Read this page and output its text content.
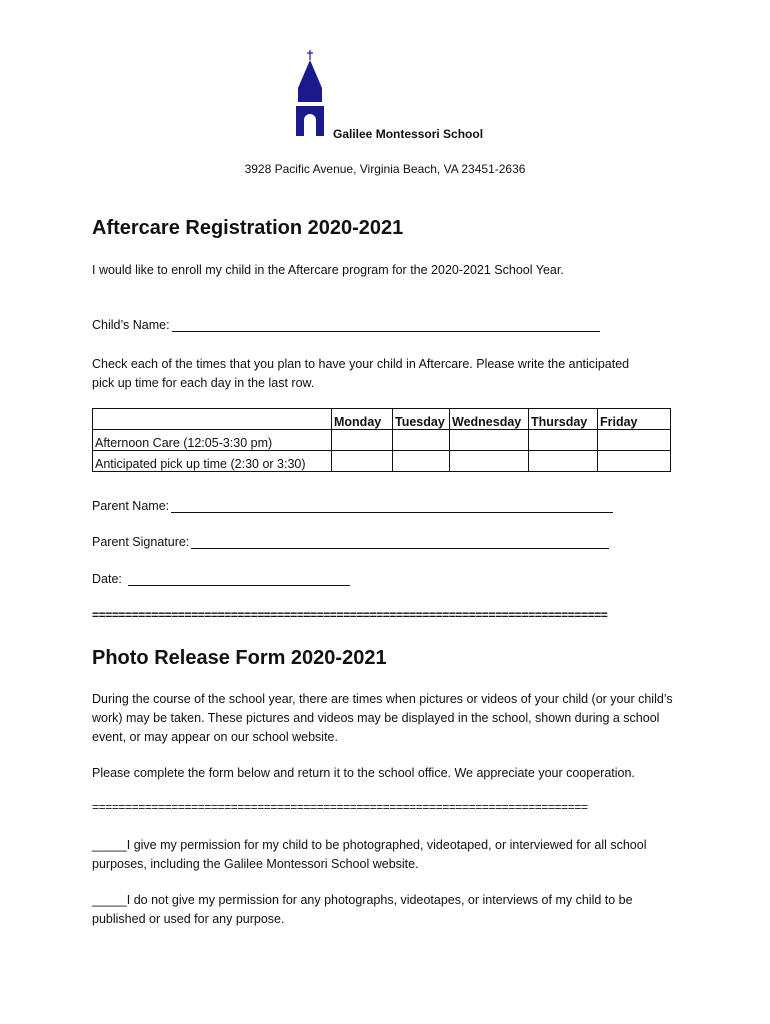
Galilee Montessori School
3928 Pacific Avenue, Virginia Beach, VA 23451-2636
Aftercare Registration 2020-2021
I would like to enroll my child in the Aftercare program for the 2020-2021 School Year.
Child’s Name:
Check each of the times that you plan to have your child in Aftercare. Please write the anticipated pick up time for each day in the last row.
	Monday	Tuesday	Wednesday	Thursday	Friday
Afternoon Care (12:05-3:30 pm)					
Anticipated pick up time (2:30 or 3:30)					
Parent Name:
Parent Signature:
Date:
==============================================================================
Photo Release Form 2020-2021
During the course of the school year, there are times when pictures or videos of your child (or your child’s work) may be taken. These pictures and videos may be displayed in the school, shown during a school event, or may appear on our school website.
Please complete the form below and return it to the school office. We appreciate your cooperation.
===========================================================================
_____I give my permission for my child to be photographed, videotaped, or interviewed for all school purposes, including the Galilee Montessori School website.
_____I do not give my permission for any photographs, videotapes, or interviews of my child to be published or used for any purpose.
